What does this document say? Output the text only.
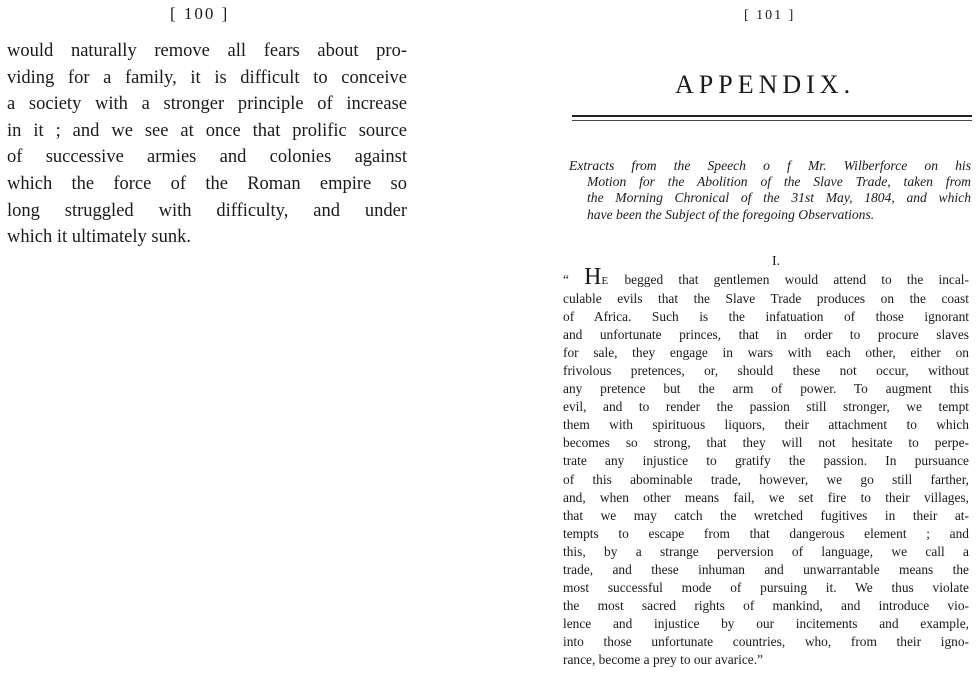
[ 100 ]
would naturally remove all fears about pro-
viding for a family, it is difficult to conceive
a society with a stronger principle of increase
in it ; and we see at once that prolific source
of successive armies and colonies against
which the force of the Roman empire so
long struggled with difficulty, and under
which it ultimately sunk.
[ 101 ]
APPENDIX.
Extracts from the Speech o f Mr. Wilberforce on his
Motion for the Abolition of the Slave Trade, taken from
the Morning Chronical of the 31st May, 1804, and which
have been the Subject of the foregoing Observations.
I.
“ HE begged that gentlemen would attend to the incal-
culable evils that the Slave Trade produces on the coast
of Africa. Such is the infatuation of those ignorant
and unfortunate princes, that in order to procure slaves
for sale, they engage in wars with each other, either on
frivolous pretences, or, should these not occur, without
any pretence but the arm of power. To augment this
evil, and to render the passion still stronger, we tempt
them with spirituous liquors, their attachment to which
becomes so strong, that they will not hesitate to perpe-
trate any injustice to gratify the passion. In pursuance
of this abominable trade, however, we go still farther,
and, when other means fail, we set fire to their villages,
that we may catch the wretched fugitives in their at-
tempts to escape from that dangerous element ; and
this, by a strange perversion of language, we call a
trade, and these inhuman and unwarrantable means the
most successful mode of pursuing it. We thus violate
the most sacred rights of mankind, and introduce vio-
lence and injustice by our incitements and example,
into those unfortunate countries, who, from their igno-
rance, become a prey to our avarice.”
